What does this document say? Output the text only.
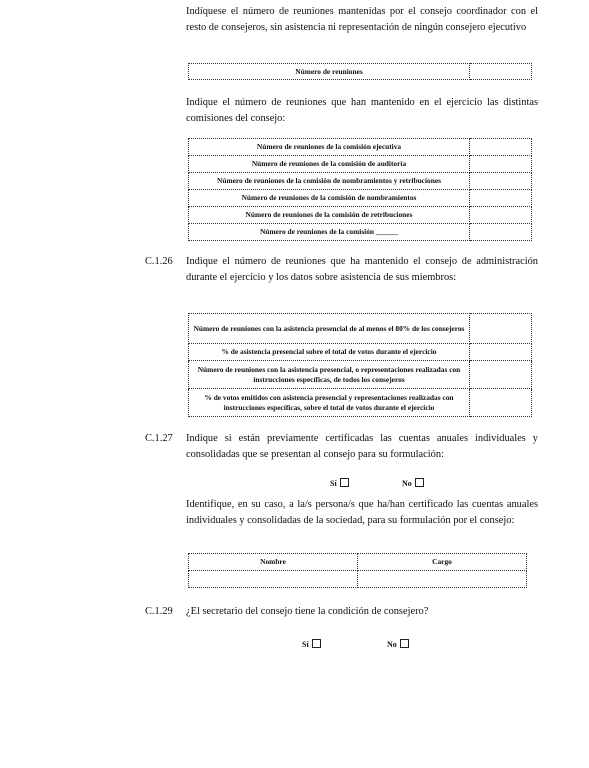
Indíquese el número de reuniones mantenidas por el consejo coordinador con el resto de consejeros, sin asistencia ni representación de ningún consejero ejecutivo
Número de reuniones	
Indique el número de reuniones que han mantenido en el ejercicio las distintas comisiones del consejo:
Número de reuniones de la comisión ejecutiva	
Número de reuniones de la comisión de auditoría	
Número de reuniones de la comisión de nombramientos y retribuciones	
Número de reuniones de la comisión de nombramientos	
Número de reuniones de la comisión de retribuciones	
Número de reuniones de la comisión ______	
C.1.26 Indique el número de reuniones que ha mantenido el consejo de administración durante el ejercicio y los datos sobre asistencia de sus miembros:
Número de reuniones con la asistencia presencial de al menos el 80% de los consejeros	
% de asistencia presencial sobre el total de votos durante el ejercicio	
Número de reuniones con la asistencia presencial, o representaciones realizadas con instrucciones específicas, de todos los consejeros	
% de votos emitidos con asistencia presencial y representaciones realizadas con instrucciones específicas, sobre el total de votos durante el ejercicio	
C.1.27 Indique si están previamente certificadas las cuentas anuales individuales y consolidadas que se presentan al consejo para su formulación:
Sí	No
Identifique, en su caso, a la/s persona/s que ha/han certificado las cuentas anuales individuales y consolidadas de la sociedad, para su formulación por el consejo:
Nombre	Cargo

C.1.29 ¿El secretario del consejo tiene la condición de consejero?
Sí	No
